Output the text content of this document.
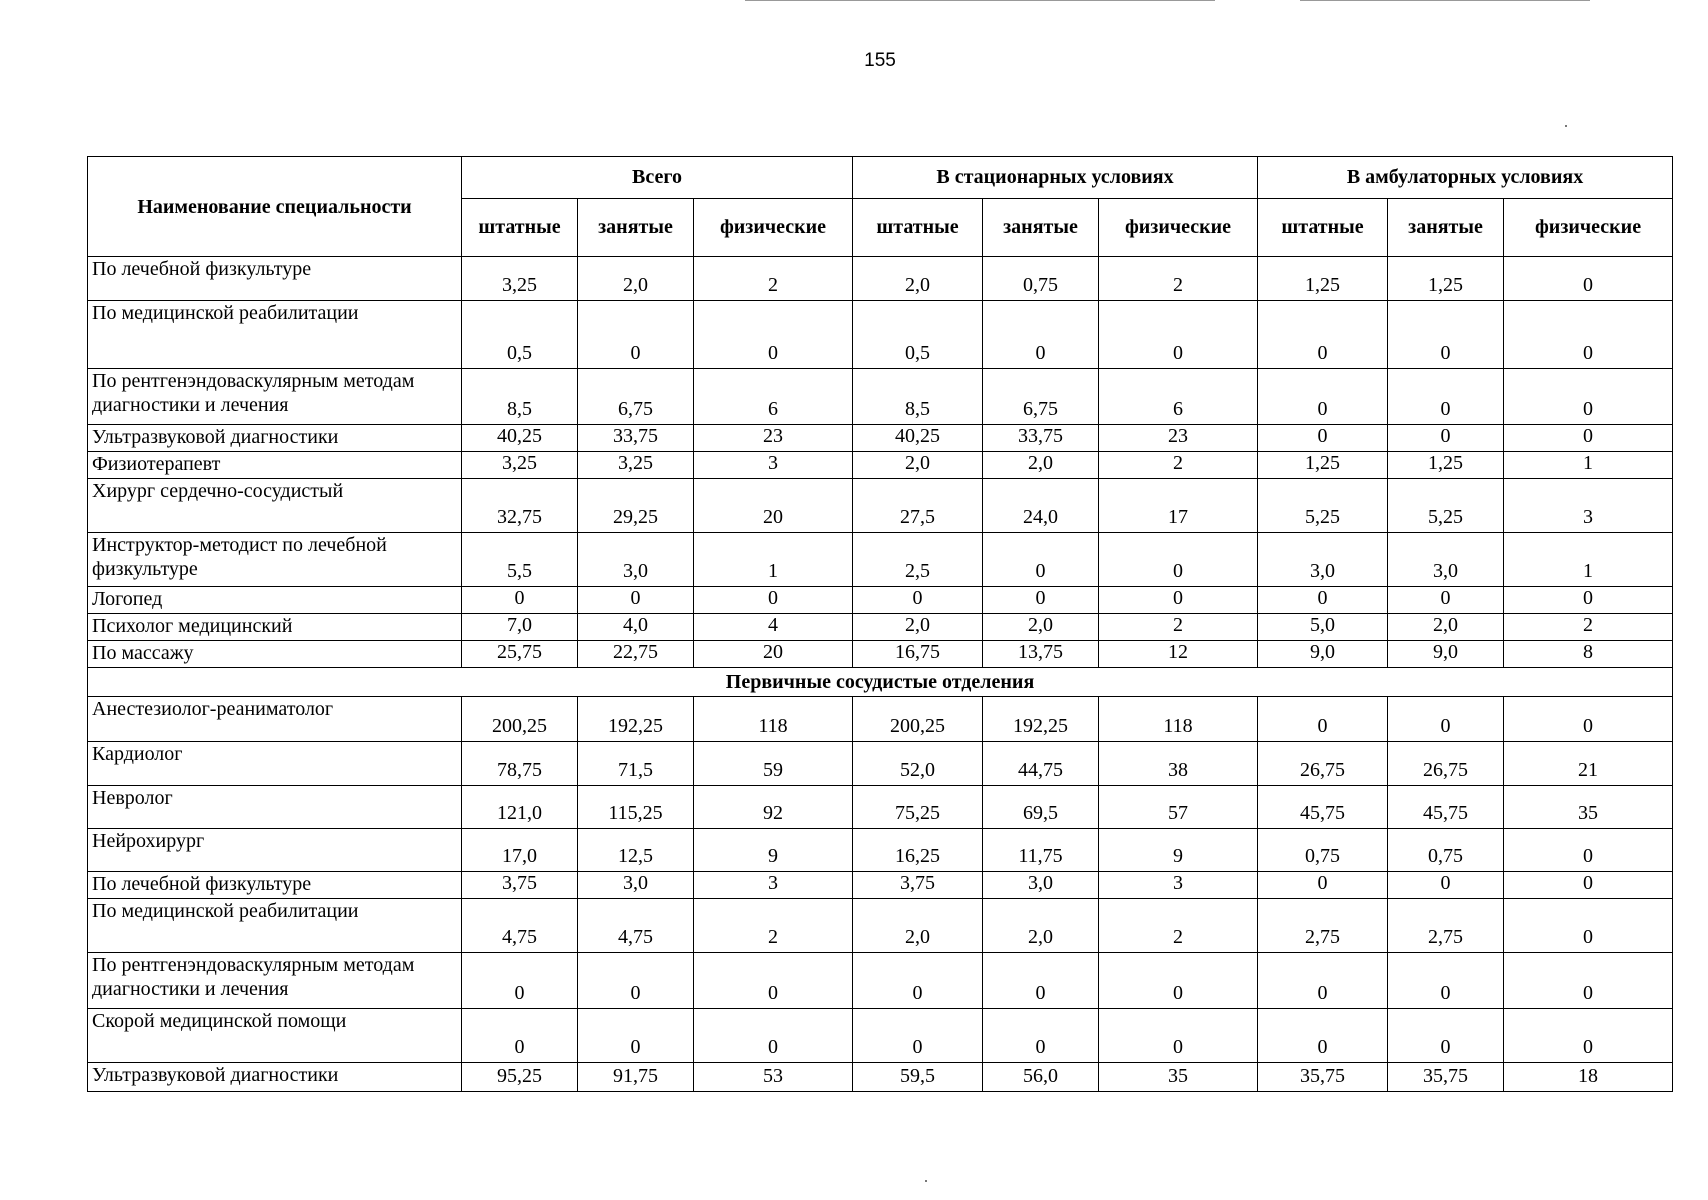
155
Наименование специальности	Всего			В стационарных условиях			В амбулаторных условиях		
	штатные	занятые	физические	штатные	занятые	физические	штатные	занятые	физические
По лечебной физкультуре	3,25	2,0	2	2,0	0,75	2	1,25	1,25	0
По медицинской реабилитации	0,5	0	0	0,5	0	0	0	0	0
По рентгенэндоваскулярным методам диагностики и лечения	8,5	6,75	6	8,5	6,75	6	0	0	0
Ультразвуковой диагностики	40,25	33,75	23	40,25	33,75	23	0	0	0
Физиотерапевт	3,25	3,25	3	2,0	2,0	2	1,25	1,25	1
Хирург сердечно-сосудистый	32,75	29,25	20	27,5	24,0	17	5,25	5,25	3
Инструктор-методист по лечебной физкультуре	5,5	3,0	1	2,5	0	0	3,0	3,0	1
Логопед	0	0	0	0	0	0	0	0	0
Психолог медицинский	7,0	4,0	4	2,0	2,0	2	5,0	2,0	2
По массажу	25,75	22,75	20	16,75	13,75	12	9,0	9,0	8
Первичные сосудистые отделения									
Анестезиолог-реаниматолог	200,25	192,25	118	200,25	192,25	118	0	0	0
Кардиолог	78,75	71,5	59	52,0	44,75	38	26,75	26,75	21
Невролог	121,0	115,25	92	75,25	69,5	57	45,75	45,75	35
Нейрохирург	17,0	12,5	9	16,25	11,75	9	0,75	0,75	0
По лечебной физкультуре	3,75	3,0	3	3,75	3,0	3	0	0	0
По медицинской реабилитации	4,75	4,75	2	2,0	2,0	2	2,75	2,75	0
По рентгенэндоваскулярным методам диагностики и лечения	0	0	0	0	0	0	0	0	0
Скорой медицинской помощи	0	0	0	0	0	0	0	0	0
Ультразвуковой диагностики	95,25	91,75	53	59,5	56,0	35	35,75	35,75	18
